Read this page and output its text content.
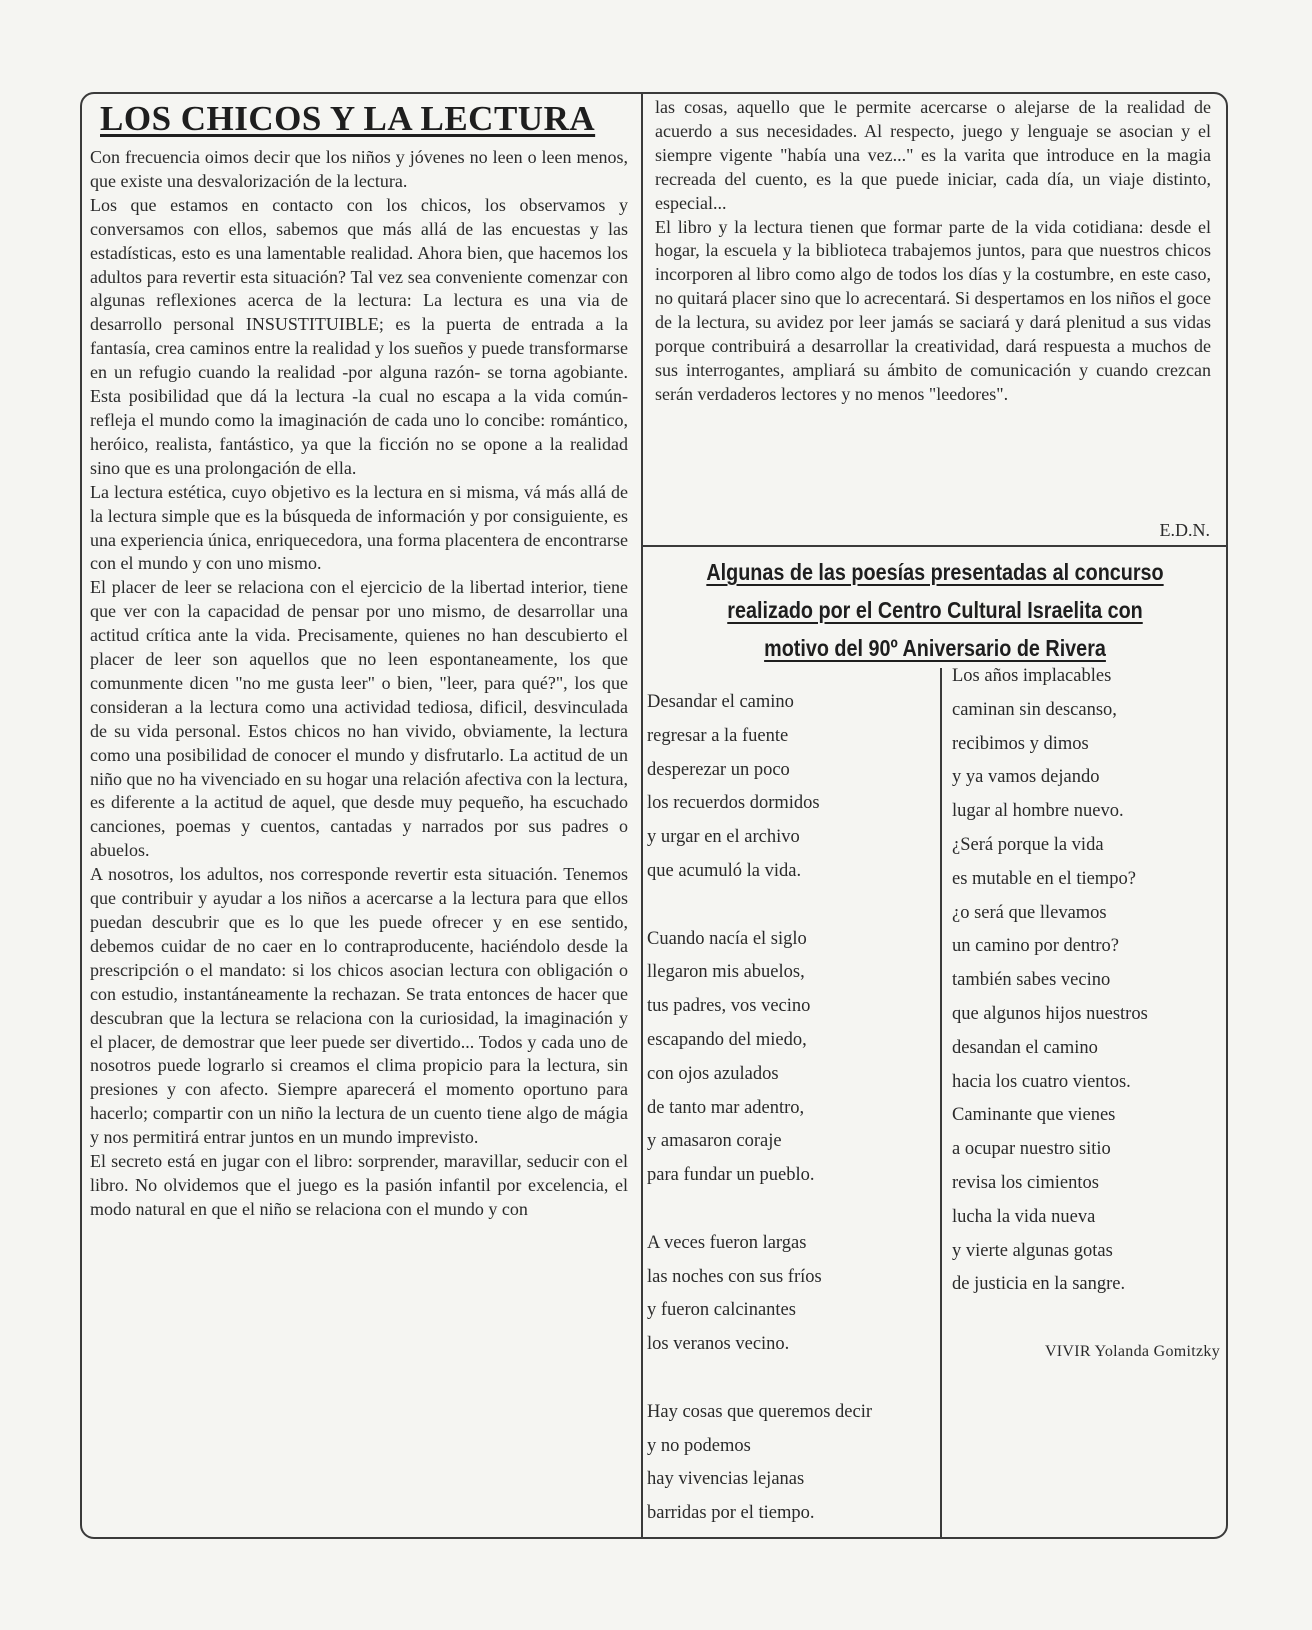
LOS CHICOS Y LA LECTURA

Con frecuencia oimos decir que los niños y jóvenes no leen o leen menos, que existe una desvalorización de la lectura.

Los que estamos en contacto con los chicos, los observamos y conversamos con ellos, sabemos que más allá de las encuestas y las estadísticas, esto es una lamentable realidad. Ahora bien, que hacemos los adultos para revertir esta situación? Tal vez sea conveniente comenzar con algunas reflexiones acerca de la lectura: La lectura es una via de desarrollo personal INSUSTITUIBLE; es la puerta de entrada a la fantasía, crea caminos entre la realidad y los sueños y puede transformarse en un refugio cuando la realidad -por alguna razón- se torna agobiante. Esta posibilidad que dá la lectura -la cual no escapa a la vida común- refleja el mundo como la imaginación de cada uno lo concibe: romántico, heróico, realista, fantástico, ya que la ficción no se opone a la realidad sino que es una prolongación de ella.

La lectura estética, cuyo objetivo es la lectura en si misma, vá más allá de la lectura simple que es la búsqueda de información y por consiguiente, es una experiencia única, enriquecedora, una forma placentera de encontrarse con el mundo y con uno mismo.

El placer de leer se relaciona con el ejercicio de la libertad interior, tiene que ver con la capacidad de pensar por uno mismo, de desarrollar una actitud crítica ante la vida. Precisamente, quienes no han descubierto el placer de leer son aquellos que no leen espontaneamente, los que comunmente dicen "no me gusta leer" o bien, "leer, para qué?", los que consideran a la lectura como una actividad tediosa, dificil, desvinculada de su vida personal. Estos chicos no han vivido, obviamente, la lectura como una posibilidad de conocer el mundo y disfrutarlo. La actitud de un niño que no ha vivenciado en su hogar una relación afectiva con la lectura, es diferente a la actitud de aquel, que desde muy pequeño, ha escuchado canciones, poemas y cuentos, cantadas y narrados por sus padres o abuelos.

A nosotros, los adultos, nos corresponde revertir esta situación. Tenemos que contribuir y ayudar a los niños a acercarse a la lectura para que ellos puedan descubrir que es lo que les puede ofrecer y en ese sentido, debemos cuidar de no caer en lo contraproducente, haciéndolo desde la prescripción o el mandato: si los chicos asocian lectura con obligación o con estudio, instantáneamente la rechazan. Se trata entonces de hacer que descubran que la lectura se relaciona con la curiosidad, la imaginación y el placer, de demostrar que leer puede ser divertido... Todos y cada uno de nosotros puede lograrlo si creamos el clima propicio para la lectura, sin presiones y con afecto. Siempre aparecerá el momento oportuno para hacerlo; compartir con un niño la lectura de un cuento tiene algo de mágia y nos permitirá entrar juntos en un mundo imprevisto.

El secreto está en jugar con el libro: sorprender, maravillar, seducir con el libro. No olvidemos que el juego es la pasión infantil por excelencia, el modo natural en que el niño se relaciona con el mundo y con

las cosas, aquello que le permite acercarse o alejarse de la realidad de acuerdo a sus necesidades. Al respecto, juego y lenguaje se asocian y el siempre vigente "había una vez..." es la varita que introduce en la magia recreada del cuento, es la que puede iniciar, cada día, un viaje distinto, especial...

El libro y la lectura tienen que formar parte de la vida cotidiana: desde el hogar, la escuela y la biblioteca trabajemos juntos, para que nuestros chicos incorporen al libro como algo de todos los días y la costumbre, en este caso, no quitará placer sino que lo acrecentará. Si despertamos en los niños el goce de la lectura, su avidez por leer jamás se saciará y dará plenitud a sus vidas porque contribuirá a desarrollar la creatividad, dará respuesta a muchos de sus interrogantes, ampliará su ámbito de comunicación y cuando crezcan serán verdaderos lectores y no menos "leedores".

E.D.N.
Algunas de las poesías presentadas al concurso
realizado por el Centro Cultural Israelita con
motivo del 90º Aniversario de Rivera
Desandar el camino
regresar a la fuente
desperezar un poco
los recuerdos dormidos
y urgar en el archivo
que acumuló la vida.
Cuando nacía el siglo
llegaron mis abuelos,
tus padres, vos vecino
escapando del miedo,
con ojos azulados
de tanto mar adentro,
y amasaron coraje
para fundar un pueblo.
A veces fueron largas
las noches con sus fríos
y fueron calcinantes
los veranos vecino.
Hay cosas que queremos decir
y no podemos
hay vivencias lejanas
barridas por el tiempo.
Los años implacables
caminan sin descanso,
recibimos y dimos
y ya vamos dejando
lugar al hombre nuevo.
¿Será porque la vida
es mutable en el tiempo?
¿o será que llevamos
un camino por dentro?
también sabes vecino
que algunos hijos nuestros
desandan el camino
hacia los cuatro vientos.
Caminante que vienes
a ocupar nuestro sitio
revisa los cimientos
lucha la vida nueva
y vierte algunas gotas
de justicia en la sangre.
VIVIR Yolanda Gomitzky
